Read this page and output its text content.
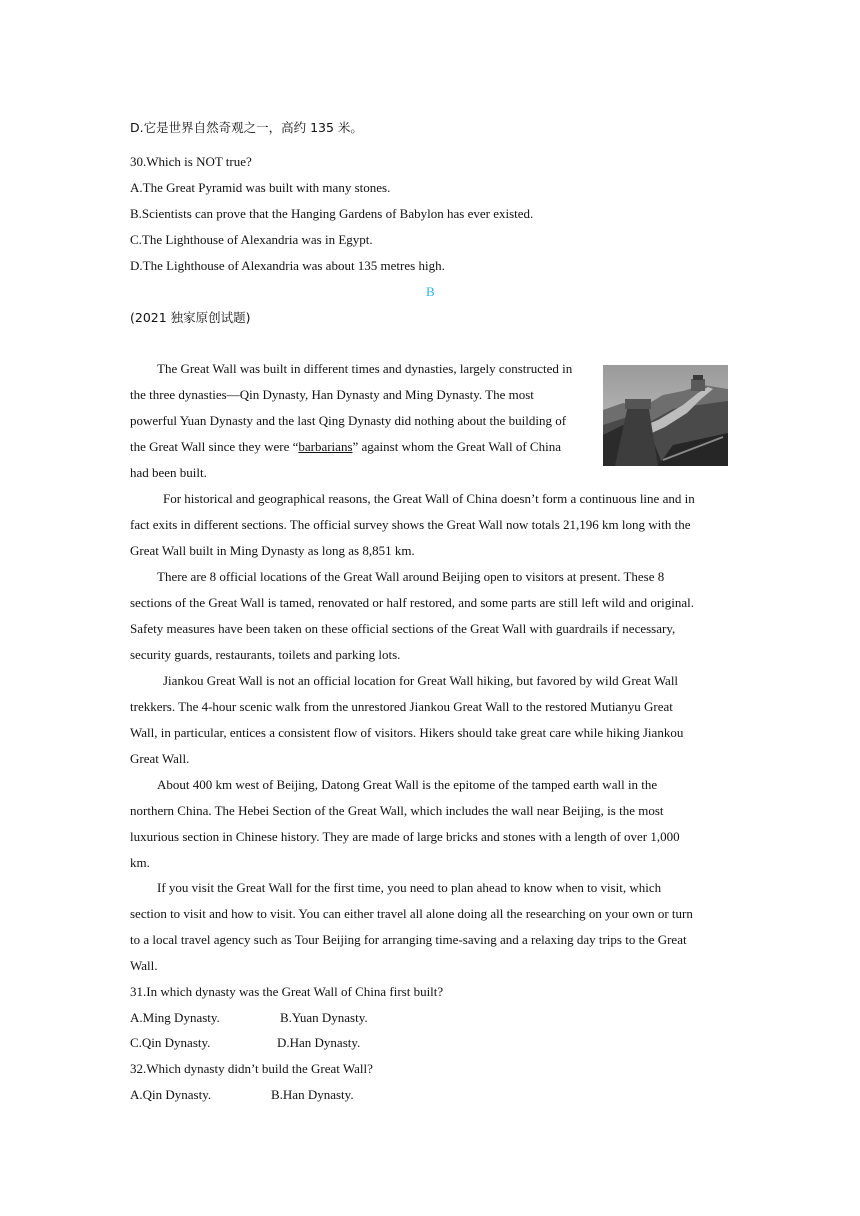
D.它是世界自然奇观之一，高约 135 米。
30.Which is NOT true?
A.The Great Pyramid was built with many stones.
B.Scientists can prove that the Hanging Gardens of Babylon has ever existed.
C.The Lighthouse of Alexandria was in Egypt.
D.The Lighthouse of Alexandria was about 135 metres high.
B
(2021 独家原创试题)
The Great Wall was built in different times and dynasties, largely constructed in
the three dynasties—Qin Dynasty, Han Dynasty and Ming Dynasty. The most
powerful Yuan Dynasty and the last Qing Dynasty did nothing about the building of
the Great Wall since they were “barbarians” against whom the Great Wall of China
had been built.
For historical and geographical reasons, the Great Wall of China doesn’t form a continuous line and in
fact exits in different sections. The official survey shows the Great Wall now totals 21,196 km long with the
Great Wall built in Ming Dynasty as long as 8,851 km.
There are 8 official locations of the Great Wall around Beijing open to visitors at present. These 8
sections of the Great Wall is tamed, renovated or half restored, and some parts are still left wild and original.
Safety measures have been taken on these official sections of the Great Wall with guardrails if necessary,
security guards, restaurants, toilets and parking lots.
Jiankou Great Wall is not an official location for Great Wall hiking, but favored by wild Great Wall
trekkers. The 4-hour scenic walk from the unrestored Jiankou Great Wall to the restored Mutianyu Great
Wall, in particular, entices a consistent flow of visitors. Hikers should take great care while hiking Jiankou
Great Wall.
About 400 km west of Beijing, Datong Great Wall is the epitome of the tamped earth wall in the
northern China. The Hebei Section of the Great Wall, which includes the wall near Beijing, is the most
luxurious section in Chinese history. They are made of large bricks and stones with a length of over 1,000
km.
If you visit the Great Wall for the first time, you need to plan ahead to know when to visit, which
section to visit and how to visit. You can either travel all alone doing all the researching on your own or turn
to a local travel agency such as Tour Beijing for arranging time-saving and a relaxing day trips to the Great
Wall.
31.In which dynasty was the Great Wall of China first built?
A.Ming Dynasty.	B.Yuan Dynasty.
C.Qin Dynasty.	D.Han Dynasty.
32.Which dynasty didn’t build the Great Wall?
A.Qin Dynasty.	B.Han Dynasty.
